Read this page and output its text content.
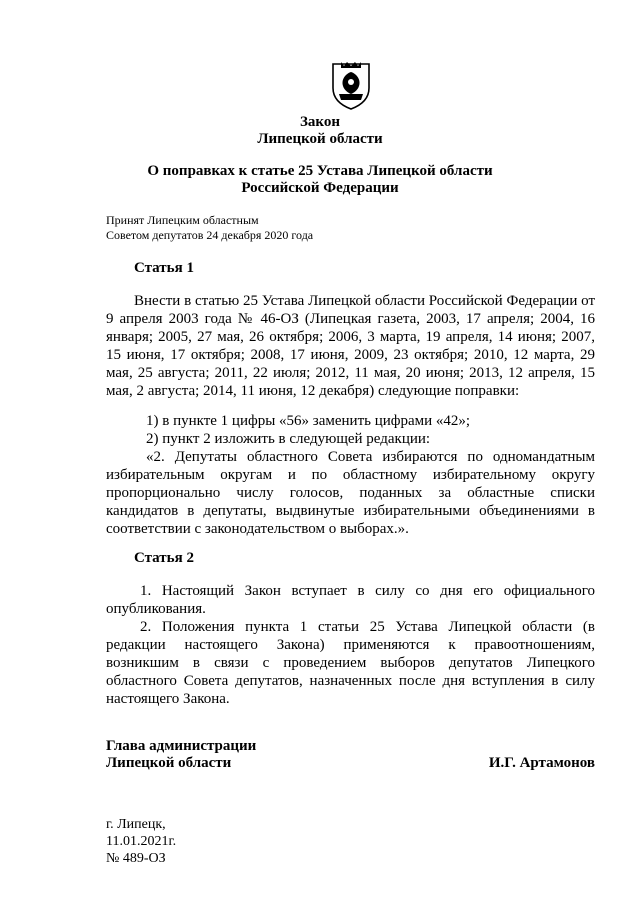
Закон

Липецкой области

О поправках к статье 25 Устава Липецкой области

Российской Федерации

Принят Липецким областным

Советом депутатов 24 декабря 2020 года

Статья 1

Внести в статью 25 Устава Липецкой области Российской Федерации от 9 апреля 2003 года № 46-ОЗ (Липецкая газета, 2003, 17 апреля; 2004, 16 января; 2005, 27 мая, 26 октября; 2006, 3 марта, 19 апреля, 14 июня; 2007, 15 июня, 17 октября; 2008, 17 июня, 2009, 23 октября; 2010, 12 марта, 29 мая, 25 августа; 2011, 22 июля; 2012, 11 мая, 20 июня; 2013, 12 апреля, 15 мая, 2 августа; 2014, 11 июня, 12 декабря) следующие поправки:

1) в пункте 1 цифры «56» заменить цифрами «42»;

2) пункт 2 изложить в следующей редакции:

«2. Депутаты областного Совета избираются по одномандатным избирательным округам и по областному избирательному округу пропорционально числу голосов, поданных за областные списки кандидатов в депутаты, выдвинутые избирательными объединениями в соответствии с законодательством о выборах.».

Статья 2

1. Настоящий Закон вступает в силу со дня его официального опубликования.

2. Положения пункта 1 статьи 25 Устава Липецкой области (в редакции настоящего Закона) применяются к правоотношениям, возникшим в связи с проведением выборов депутатов Липецкого областного Совета депутатов, назначенных после дня вступления в силу настоящего Закона.

Глава администрации

Липецкой области	И.Г. Артамонов

г. Липецк,

11.01.2021г.

№ 489-ОЗ
